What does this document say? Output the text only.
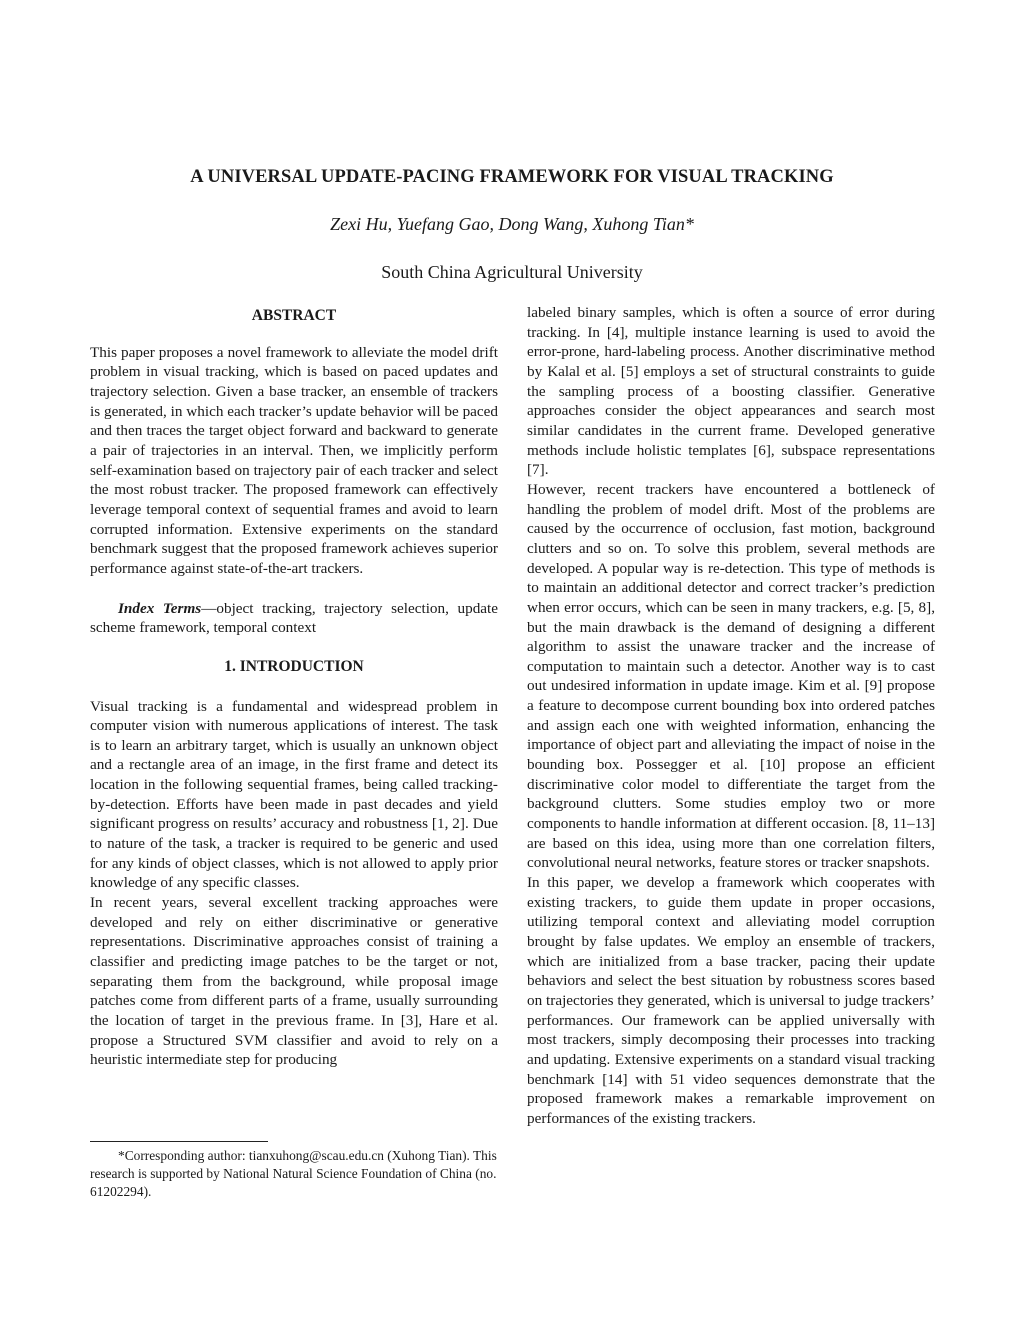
A UNIVERSAL UPDATE-PACING FRAMEWORK FOR VISUAL TRACKING
Zexi Hu, Yuefang Gao, Dong Wang, Xuhong Tian*
South China Agricultural University
ABSTRACT

This paper proposes a novel framework to alleviate the model drift problem in visual tracking, which is based on paced updates and trajectory selection. Given a base tracker, an ensemble of trackers is generated, in which each tracker’s update behavior will be paced and then traces the target object forward and backward to generate a pair of trajectories in an interval. Then, we implicitly perform self-examination based on trajectory pair of each tracker and select the most robust tracker. The proposed framework can effectively leverage temporal context of sequential frames and avoid to learn corrupted information. Extensive experiments on the standard benchmark suggest that the proposed framework achieves superior performance against state-of-the-art trackers.

Index Terms—object tracking, trajectory selection, update scheme framework, temporal context

1. INTRODUCTION

Visual tracking is a fundamental and widespread problem in computer vision with numerous applications of interest. The task is to learn an arbitrary target, which is usually an unknown object and a rectangle area of an image, in the first frame and detect its location in the following sequential frames, being called tracking-by-detection. Efforts have been made in past decades and yield significant progress on results’ accuracy and robustness [1, 2]. Due to nature of the task, a tracker is required to be generic and used for any kinds of object classes, which is not allowed to apply prior knowledge of any specific classes.

In recent years, several excellent tracking approaches were developed and rely on either discriminative or generative representations. Discriminative approaches consist of training a classifier and predicting image patches to be the target or not, separating them from the background, while proposal image patches come from different parts of a frame, usually surrounding the location of target in the previous frame. In [3], Hare et al. propose a Structured SVM classifier and avoid to rely on a heuristic intermediate step for producing

labeled binary samples, which is often a source of error during tracking. In [4], multiple instance learning is used to avoid the error-prone, hard-labeling process. Another discriminative method by Kalal et al. [5] employs a set of structural constraints to guide the sampling process of a boosting classifier. Generative approaches consider the object appearances and search most similar candidates in the current frame. Developed generative methods include holistic templates [6], subspace representations [7].

However, recent trackers have encountered a bottleneck of handling the problem of model drift. Most of the problems are caused by the occurrence of occlusion, fast motion, background clutters and so on. To solve this problem, several methods are developed. A popular way is re-detection. This type of methods is to maintain an additional detector and correct tracker’s prediction when error occurs, which can be seen in many trackers, e.g. [5, 8], but the main drawback is the demand of designing a different algorithm to assist the unaware tracker and the increase of computation to maintain such a detector. Another way is to cast out undesired information in update image. Kim et al. [9] propose a feature to decompose current bounding box into ordered patches and assign each one with weighted information, enhancing the importance of object part and alleviating the impact of noise in the bounding box. Possegger et al. [10] propose an efficient discriminative color model to differentiate the target from the background clutters. Some studies employ two or more components to handle information at different occasion. [8, 11–13] are based on this idea, using more than one correlation filters, convolutional neural networks, feature stores or tracker snapshots.

In this paper, we develop a framework which cooperates with existing trackers, to guide them update in proper occasions, utilizing temporal context and alleviating model corruption brought by false updates. We employ an ensemble of trackers, which are initialized from a base tracker, pacing their update behaviors and select the best situation by robustness scores based on trajectories they generated, which is universal to judge trackers’ performances. Our framework can be applied universally with most trackers, simply decomposing their processes into tracking and updating. Extensive experiments on a standard visual tracking benchmark [14] with 51 video sequences demonstrate that the proposed framework makes a remarkable improvement on performances of the existing trackers.

*Corresponding author: tianxuhong@scau.edu.cn (Xuhong Tian). This research is supported by National Natural Science Foundation of China (no. 61202294).
